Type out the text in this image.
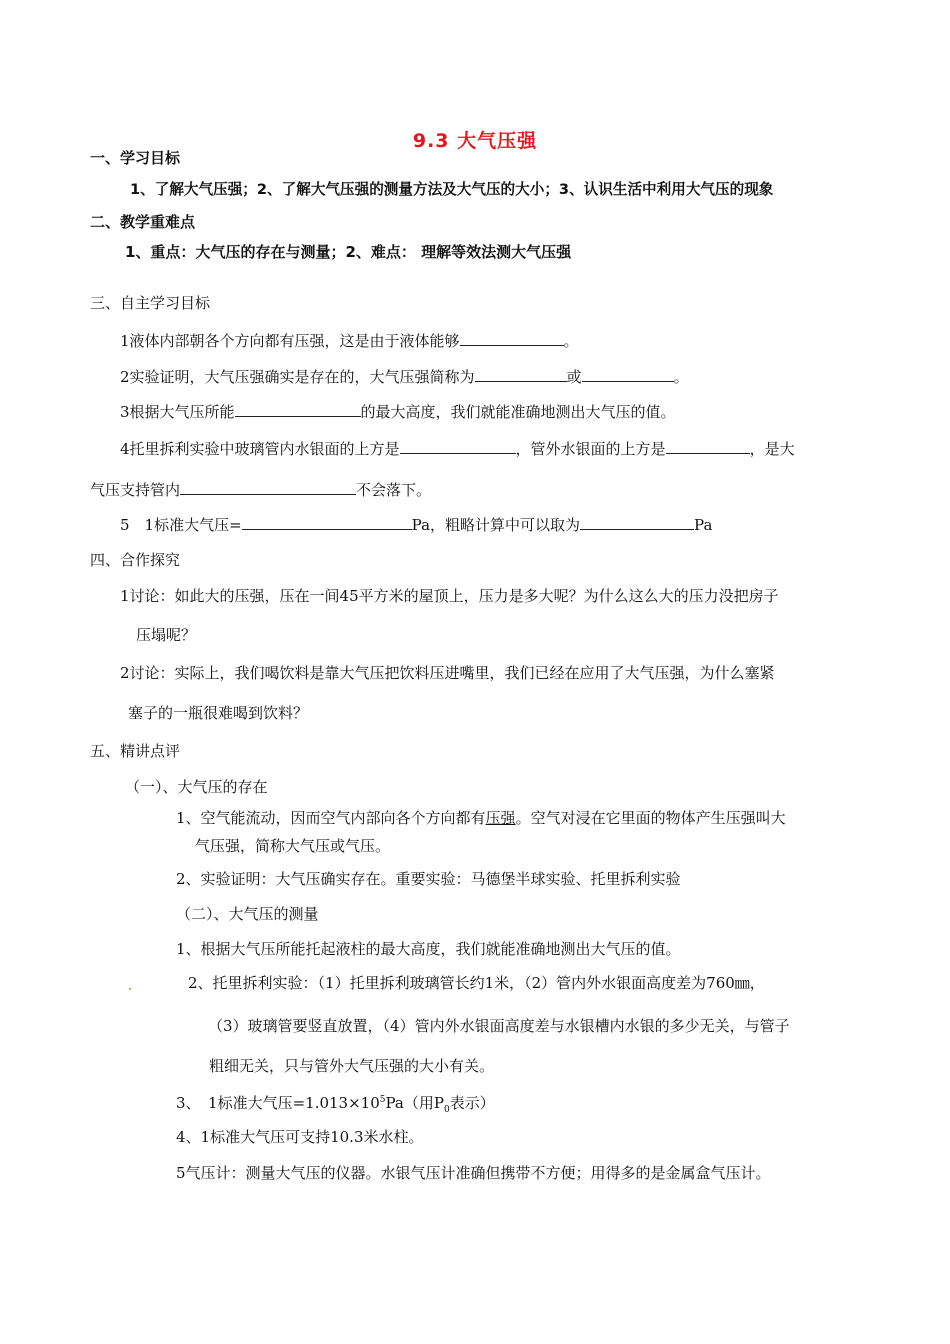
9.3 大气压强
一、学习目标
1、了解大气压强；2、了解大气压强的测量方法及大气压的大小；3、认识生活中利用大气压的现象
二、教学重难点
1、重点：大气压的存在与测量；2、难点： 理解等效法测大气压强
三、自主学习目标
1液体内部朝各个方向都有压强，这是由于液体能够	。
2实验证明，大气压强确实是存在的，大气压强简称为	或	。
3根据大气压所能	的最大高度，我们就能准确地测出大气压的值。
4托里拆利实验中玻璃管内水银面的上方是	，管外水银面的上方是	，是大
气压支持管内	不会落下。
5　1标准大气压=	Pa，粗略计算中可以取为	Pa
四、合作探究
1讨论：如此大的压强，压在一间45平方米的屋顶上，压力是多大呢？为什么这么大的压力没把房子
压塌呢？
2讨论：实际上，我们喝饮料是靠大气压把饮料压进嘴里，我们已经在应用了大气压强，为什么塞紧
塞子的一瓶很难喝到饮料？
五、精讲点评
（一）、大气压的存在
1、空气能流动，因而空气内部向各个方向都有压强。空气对浸在它里面的物体产生压强叫大
气压强，简称大气压或气压。
2、实验证明：大气压确实存在。重要实验：马德堡半球实验、托里拆利实验
（二）、大气压的测量
1、根据大气压所能托起液柱的最大高度，我们就能准确地测出大气压的值。
.	2、托里拆利实验：（1）托里拆利玻璃管长约1米，（2）管内外水银面高度差为760㎜，
（3）玻璃管要竖直放置，（4）管内外水银面高度差与水银槽内水银的多少无关，与管子
粗细无关，只与管外大气压强的大小有关。
3、　1标准大气压$=1.013\times 10^5Pa$（用$P_0$表示）
4、1标准大气压可支持10.3米水柱。
5气压计：测量大气压的仪器。水银气压计准确但携带不方便；用得多的是金属盒气压计。
